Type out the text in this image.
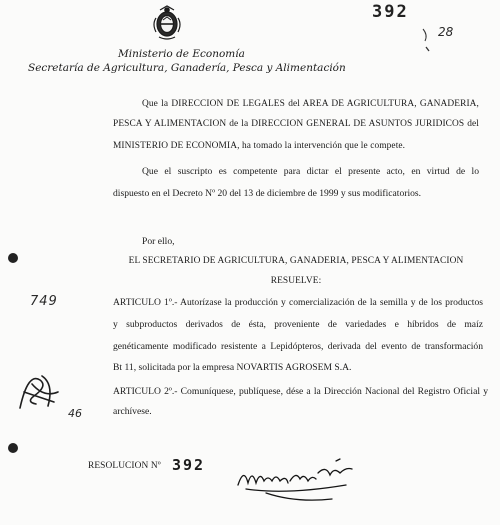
Ministerio de Economía
Secretaría de Agricultura, Ganadería, Pesca y Alimentación
392
28
Que la DIRECCION DE LEGALES del AREA DE AGRICULTURA, GANADERIA,
PESCA Y ALIMENTACION de la DIRECCION GENERAL DE ASUNTOS JURIDICOS del
MINISTERIO DE ECONOMIA, ha tomado la intervención que le compete.
Que el suscripto es competente para dictar el presente acto, en virtud de lo
dispuesto en el Decreto Nº 20 del 13 de diciembre de 1999 y sus modificatorios.
Por ello,
EL SECRETARIO DE AGRICULTURA, GANADERIA, PESCA Y ALIMENTACION
RESUELVE:
749	ARTICULO 1º.- Autorízase la producción y comercialización de la semilla y de los productos
y subproductos derivados de ésta, proveniente de variedades e híbridos de maíz
genéticamente modificado resistente a Lepidópteros, derivada del evento de transformación
Bt 11, solicitada por la empresa NOVARTIS AGROSEM S.A.
ARTICULO 2º.- Comuníquese, publíquese, dése a la Dirección Nacional del Registro Oficial y
archívese.
46
RESOLUCION Nº 392
